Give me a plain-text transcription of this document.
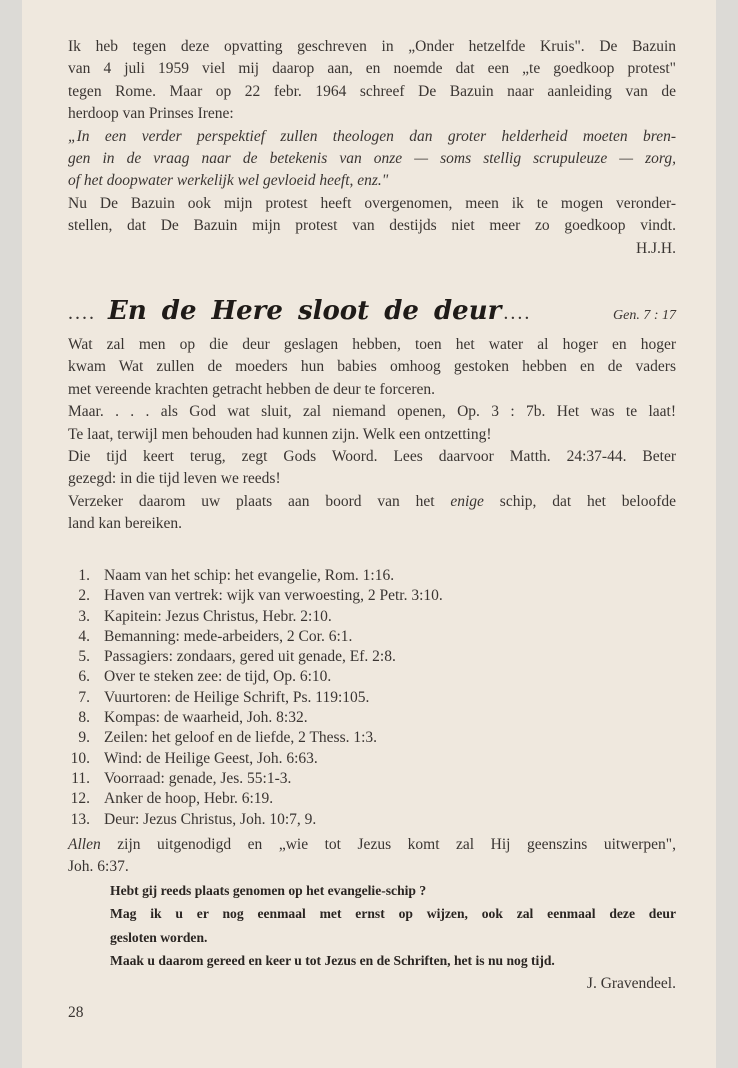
Ik heb tegen deze opvatting geschreven in „Onder hetzelfde Kruis". De Bazuin
van 4 juli 1959 viel mij daarop aan, en noemde dat een „te goedkoop protest"
tegen Rome. Maar op 22 febr. 1964 schreef De Bazuin naar aanleiding van de
herdoop van Prinses Irene:
„In een verder perspektief zullen theologen dan groter helderheid moeten bren-
gen in de vraag naar de betekenis van onze — soms stellig scrupuleuze — zorg,
of het doopwater werkelijk wel gevloeid heeft, enz."
Nu De Bazuin ook mijn protest heeft overgenomen, meen ik te mogen veronder-
stellen, dat De Bazuin mijn protest van destijds niet meer zo goedkoop vindt.
H.J.H.
.... En de Here sloot de deur ....	Gen. 7 : 17
Wat zal men op die deur geslagen hebben, toen het water al hoger en hoger
kwam Wat zullen de moeders hun babies omhoog gestoken hebben en de vaders
met vereende krachten getracht hebben de deur te forceren.
Maar. . . . als God wat sluit, zal niemand openen, Op. 3 : 7b. Het was te laat!
Te laat, terwijl men behouden had kunnen zijn. Welk een ontzetting!
Die tijd keert terug, zegt Gods Woord. Lees daarvoor Matth. 24:37-44. Beter
gezegd: in die tijd leven we reeds!
Verzeker daarom uw plaats aan boord van het enige schip, dat het beloofde
land kan bereiken.
1. Naam van het schip: het evangelie, Rom. 1:16.
2. Haven van vertrek: wijk van verwoesting, 2 Petr. 3:10.
3. Kapitein: Jezus Christus, Hebr. 2:10.
4. Bemanning: mede-arbeiders, 2 Cor. 6:1.
5. Passagiers: zondaars, gered uit genade, Ef. 2:8.
6. Over te steken zee: de tijd, Op. 6:10.
7. Vuurtoren: de Heilige Schrift, Ps. 119:105.
8. Kompas: de waarheid, Joh. 8:32.
9. Zeilen: het geloof en de liefde, 2 Thess. 1:3.
10. Wind: de Heilige Geest, Joh. 6:63.
11. Voorraad: genade, Jes. 55:1-3.
12. Anker de hoop, Hebr. 6:19.
13. Deur: Jezus Christus, Joh. 10:7, 9.
Allen zijn uitgenodigd en „wie tot Jezus komt zal Hij geenszins uitwerpen",
Joh. 6:37.
Hebt gij reeds plaats genomen op het evangelie-schip ?
Mag ik u er nog eenmaal met ernst op wijzen, ook zal eenmaal deze deur
gesloten worden.
Maak u daarom gereed en keer u tot Jezus en de Schriften, het is nu nog tijd.
J. Gravendeel.
28
